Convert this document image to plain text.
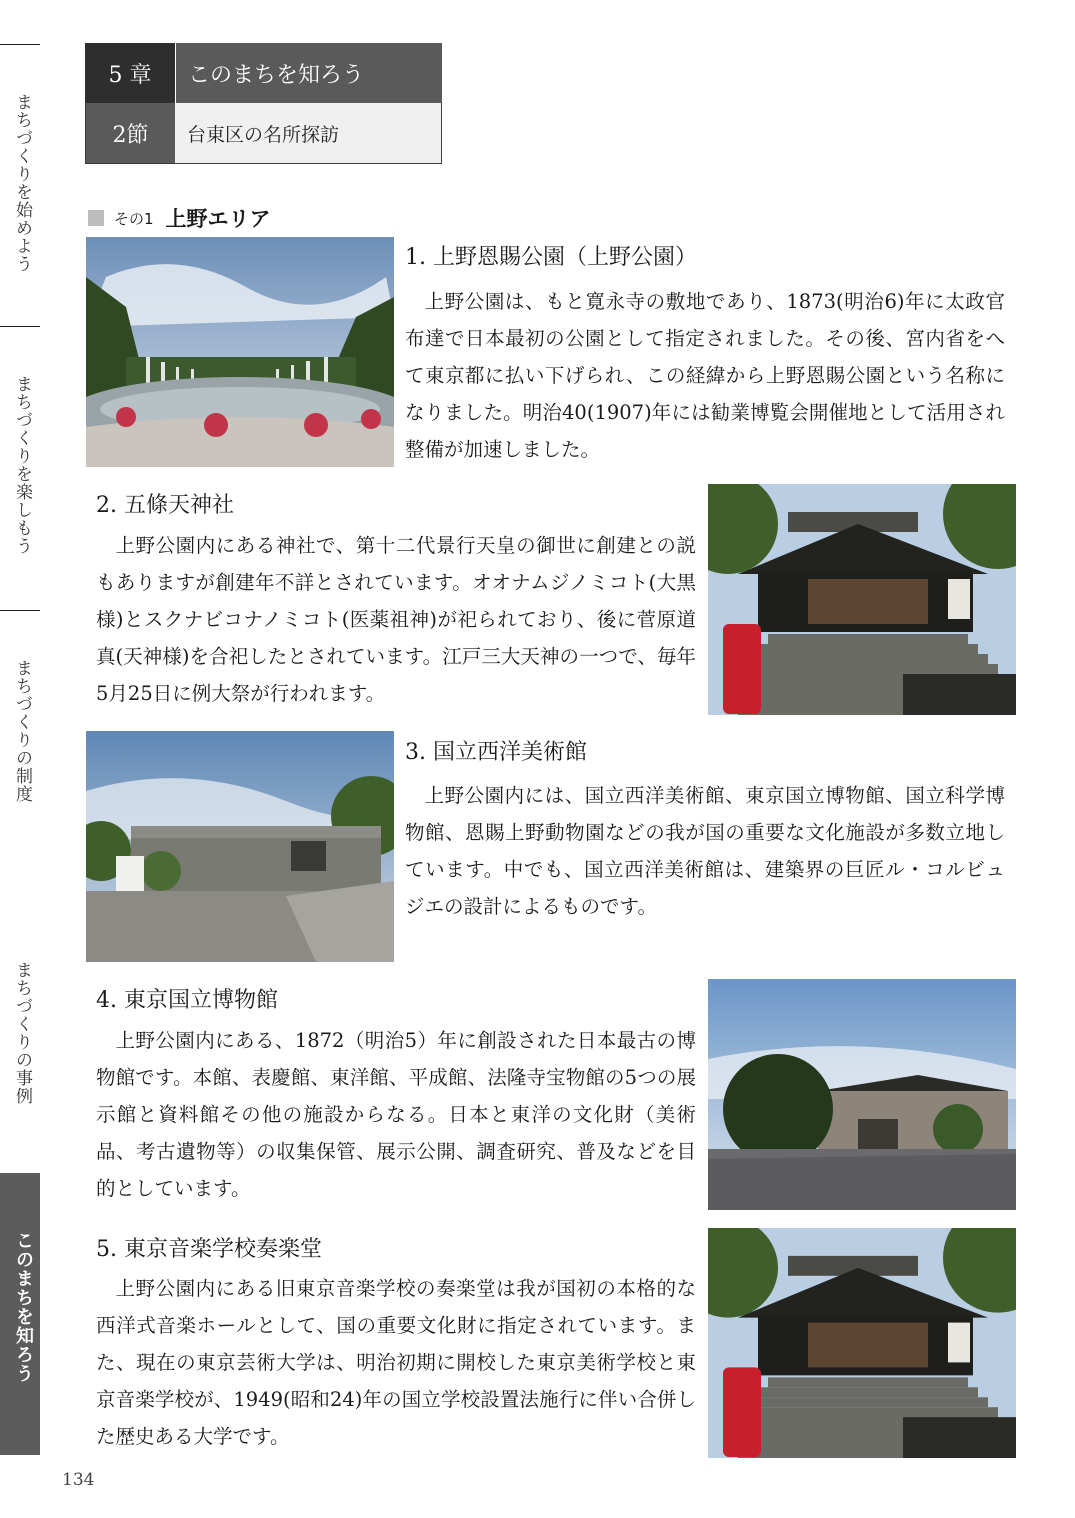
まちづくりを始めよう
まちづくりを楽しもう
まちづくりの制度
まちづくりの事例
このまちを知ろう
5 章	このまちを知ろう
2節	台東区の名所探訪
その1 上野エリア
1. 上野恩賜公園（上野公園）

上野公園は、もと寛永寺の敷地であり、1873(明治6)年に太政官布達で日本最初の公園として指定されました。その後、宮内省をへて東京都に払い下げられ、この経緯から上野恩賜公園という名称になりました。明治40(1907)年には勧業博覧会開催地として活用され整備が加速しました。

2. 五條天神社

上野公園内にある神社で、第十二代景行天皇の御世に創建との説もありますが創建年不詳とされています。オオナムジノミコト(大黒様)とスクナビコナノミコト(医薬祖神)が祀られており、後に菅原道真(天神様)を合祀したとされています。江戸三大天神の一つで、毎年5月25日に例大祭が行われます。

3. 国立西洋美術館

上野公園内には、国立西洋美術館、東京国立博物館、国立科学博物館、恩賜上野動物園などの我が国の重要な文化施設が多数立地しています。中でも、国立西洋美術館は、建築界の巨匠ル・コルビュジエの設計によるものです。

4. 東京国立博物館

上野公園内にある、1872（明治5）年に創設された日本最古の博物館です。本館、表慶館、東洋館、平成館、法隆寺宝物館の5つの展示館と資料館その他の施設からなる。日本と東洋の文化財（美術品、考古遺物等）の収集保管、展示公開、調査研究、普及などを目的としています。

5. 東京音楽学校奏楽堂

上野公園内にある旧東京音楽学校の奏楽堂は我が国初の本格的な西洋式音楽ホールとして、国の重要文化財に指定されています。また、現在の東京芸術大学は、明治初期に開校した東京美術学校と東京音楽学校が、1949(昭和24)年の国立学校設置法施行に伴い合併した歴史ある大学です。

134
